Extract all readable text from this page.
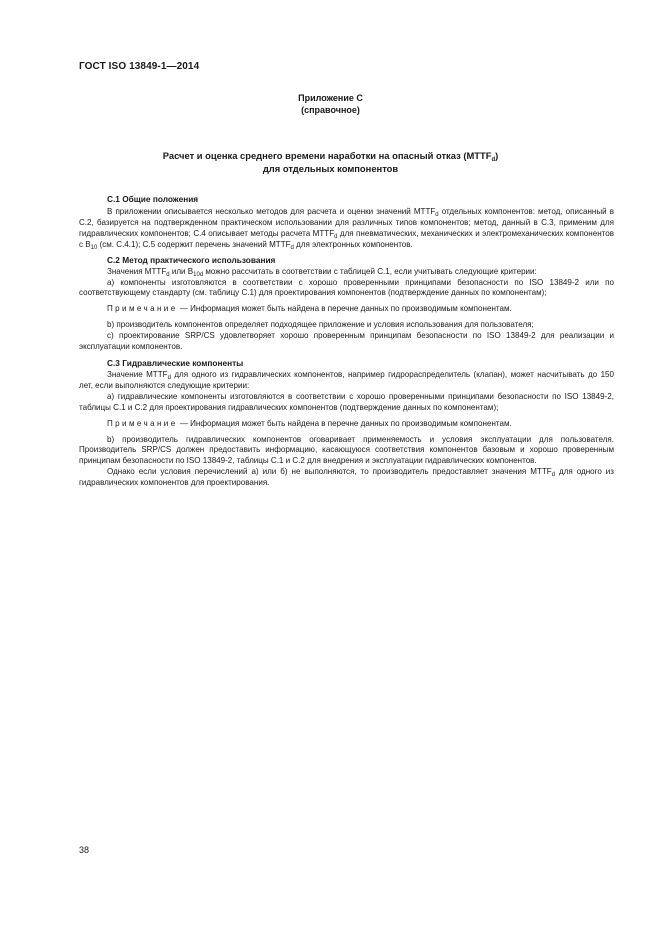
ГОСТ ISO 13849-1—2014
Приложение С
(справочное)
Расчет и оценка среднего времени наработки на опасный отказ $(MTTF_d)$
для отдельных компонентов
С.1 Общие положения

В приложении описывается несколько методов для расчета и оценки значений $MTTF_d$ отдельных компонентов: метод, описанный в С.2, базируется на подтвержденном практическом использовании для различных типов компонентов; метод, данный в С.3, применим для гидравлических компонентов; С.4 описывает методы расчета $MTTF_d$ для пневматических, механических и электромеханических компонентов с $B_{10}$ (см. С.4.1); С.5 содержит перечень значений $MTTF_d$ для электронных компонентов.

С.2 Метод практического использования

Значения $MTTF_d$ или $B_{10d}$ можно рассчитать в соответствии с таблицей С.1, если учитывать следующие критерии:

а) компоненты изготовляются в соответствии с хорошо проверенными принципами безопасности по ISO 13849-2 или по соответствующему стандарту (см. таблицу С.1) для проектирования компонентов (подтверждение данных по компонентам);

Примечание — Информация может быть найдена в перечне данных по производимым компонентам.

b) производитель компонентов определяет подходящее приложение и условия использования для пользователя;

с) проектирование SRP/CS удовлетворяет хорошо проверенным принципам безопасности по ISO 13849-2 для реализации и эксплуатации компонентов.

С.3 Гидравлические компоненты

Значение $MTTF_d$ для одного из гидравлических компонентов, например гидрораспределитель (клапан), может насчитывать до 150 лет, если выполняются следующие критерии:

а) гидравлические компоненты изготовляются в соответствии с хорошо проверенными принципами безопасности по ISO 13849-2, таблицы С.1 и С.2 для проектирования гидравлических компонентов (подтверждение данных по компонентам);

Примечание — Информация может быть найдена в перечне данных по производимым компонентам.

b) производитель гидравлических компонентов оговаривает применяемость и условия эксплуатации для пользователя. Производитель SRP/CS должен предоставить информацию, касающуюся соответствия компонентов базовым и хорошо проверенным принципам безопасности по ISO 13849-2, таблицы С.1 и С.2 для внедрения и эксплуатации гидравлических компонентов.

Однако если условия перечислений а) или б) не выполняются, то производитель предоставляет значения $MTTF_d$ для одного из гидравлических компонентов для проектирования.

38
